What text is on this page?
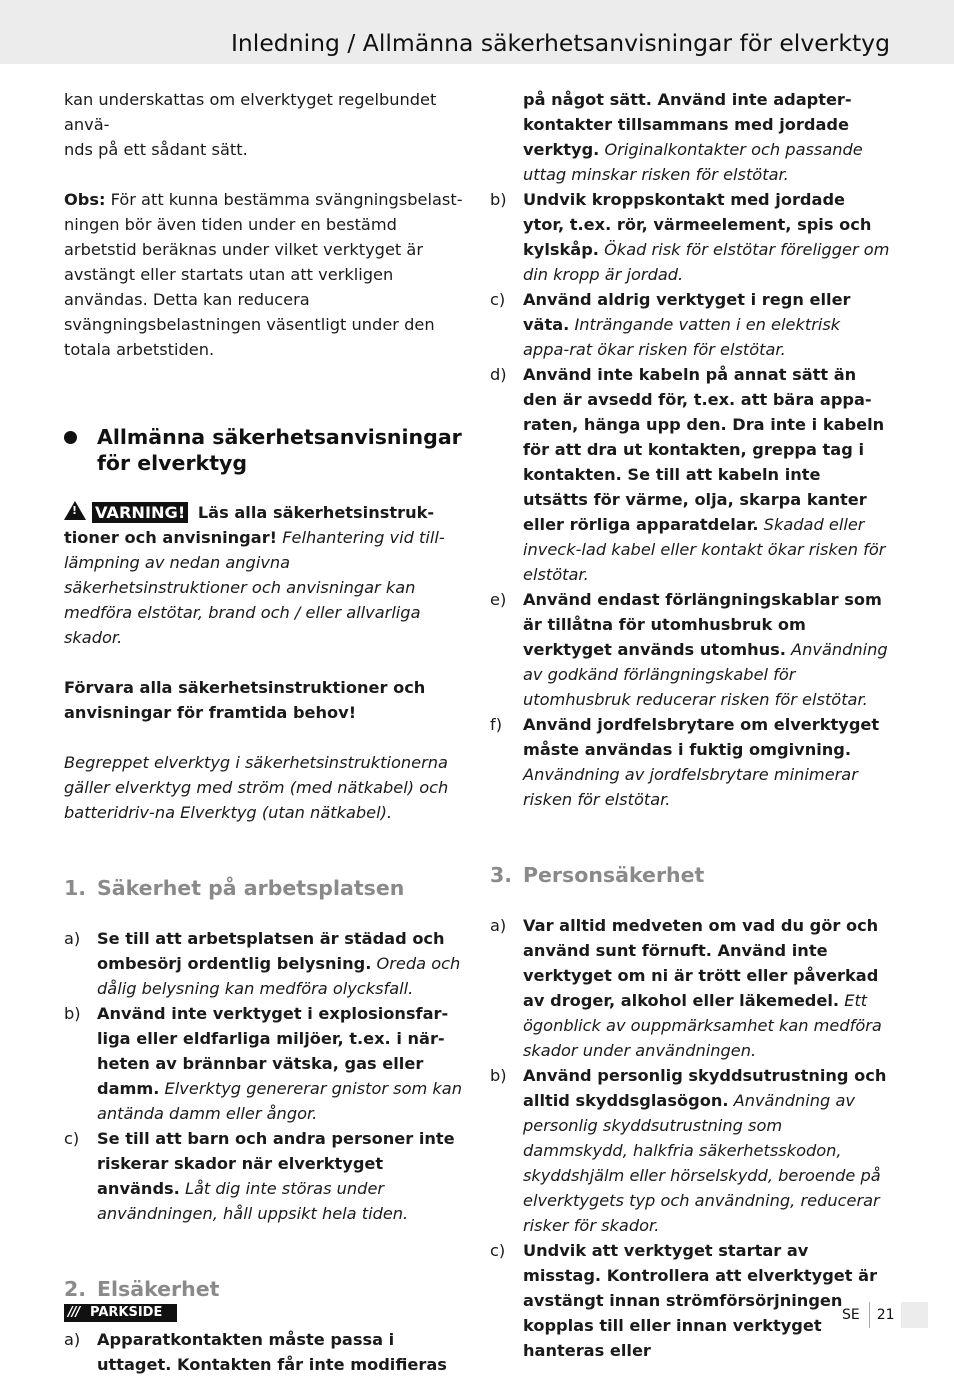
Inledning / Allmänna säkerhetsanvisningar för elverktyg

kan underskattas om elverktyget regelbundet anvä-
nds på ett sådant sätt.

Obs: För att kunna bestämma svängningsbelast-ningen bör även tiden under en bestämd arbetstid beräknas under vilket verktyget är avstängt eller startats utan att verkligen användas. Detta kan reducera svängningsbelastningen väsentligt under den totala arbetstiden.

Allmänna säkerhetsanvisningar för elverktyg

! VARNING! Läs alla säkerhetsinstruk-tioner och anvisningar! Felhantering vid till-lämpning av nedan angivna säkerhetsinstruktioner och anvisningar kan medföra elstötar, brand och / eller allvarliga skador.

Förvara alla säkerhetsinstruktioner och anvisningar för framtida behov!

Begreppet elverktyg i säkerhetsinstruktionerna gäller elverktyg med ström (med nätkabel) och batteridriv-na Elverktyg (utan nätkabel).

1. Säkerhet på arbetsplatsen
a) Se till att arbetsplatsen är städad och ombesörj ordentlig belysning. Oreda och dålig belysning kan medföra olycksfall.
b) Använd inte verktyget i explosionsfar-liga eller eldfarliga miljöer, t.ex. i när-heten av brännbar vätska, gas eller damm. Elverktyg genererar gnistor som kan antända damm eller ångor.
c) Se till att barn och andra personer inte riskerar skador när elverktyget används. Låt dig inte störas under användningen, håll uppsikt hela tiden.
2. Elsäkerhet
a) Apparatkontakten måste passa i uttaget. Kontakten får inte modifieras
på något sätt. Använd inte adapter-kontakter tillsammans med jordade verktyg. Originalkontakter och passande uttag minskar risken för elstötar.
b) Undvik kroppskontakt med jordade ytor, t.ex. rör, värmeelement, spis och kylskåp. Ökad risk för elstötar föreligger om din kropp är jordad.
c) Använd aldrig verktyget i regn eller väta. Inträngande vatten i en elektrisk appa-rat ökar risken för elstötar.
d) Använd inte kabeln på annat sätt än den är avsedd för, t.ex. att bära appa-raten, hänga upp den. Dra inte i kabeln för att dra ut kontakten, greppa tag i kontakten. Se till att kabeln inte utsätts för värme, olja, skarpa kanter eller rörliga apparatdelar. Skadad eller inveck-lad kabel eller kontakt ökar risken för elstötar.
e) Använd endast förlängningskablar som är tillåtna för utomhusbruk om verktyget används utomhus. Användning av godkänd förlängningskabel för utomhusbruk reducerar risken för elstötar.
f) Använd jordfelsbrytare om elverktyget måste användas i fuktig omgivning. Användning av jordfelsbrytare minimerar risken för elstötar.
3. Personsäkerhet
a) Var alltid medveten om vad du gör och använd sunt förnuft. Använd inte verktyget om ni är trött eller påverkad av droger, alkohol eller läkemedel. Ett ögonblick av ouppmärksamhet kan medföra skador under användningen.
b) Använd personlig skyddsutrustning och alltid skyddsglasögon. Användning av personlig skyddsutrustning som dammskydd, halkfria säkerhetsskodon, skyddshjälm eller hörselskydd, beroende på elverktygets typ och användning, reducerar risker för skador.
c) Undvik att verktyget startar av misstag. Kontrollera att elverktyget är avstängt innan strömförsörjningen kopplas till eller innan verktyget hanteras eller
/// PARKSIDE	SE 21
